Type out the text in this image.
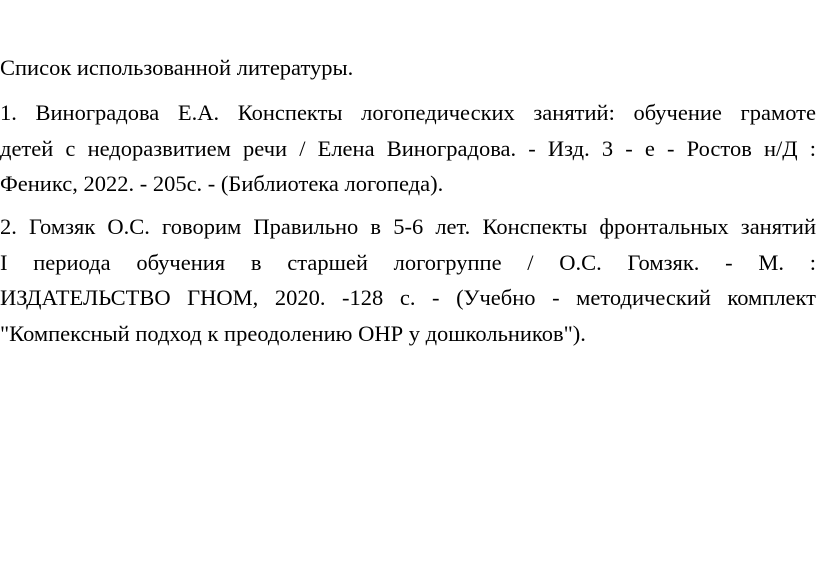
Список использованной литературы.

1. Виноградова Е.А. Конспекты логопедических занятий: обучение грамоте
детей с недоразвитием речи / Елена Виноградова. - Изд. 3 - е - Ростов н/Д :
Феникс, 2022. - 205с. - (Библиотека логопеда).
2. Гомзяк О.С. говорим Правильно в 5-6 лет. Конспекты фронтальных занятий
I периода обучения в старшей логогруппе / О.С. Гомзяк. - М. :
ИЗДАТЕЛЬСТВО ГНОМ, 2020. -128 с. - (Учебно - методический комплект
"Компексный подход к преодолению ОНР у дошкольников").
